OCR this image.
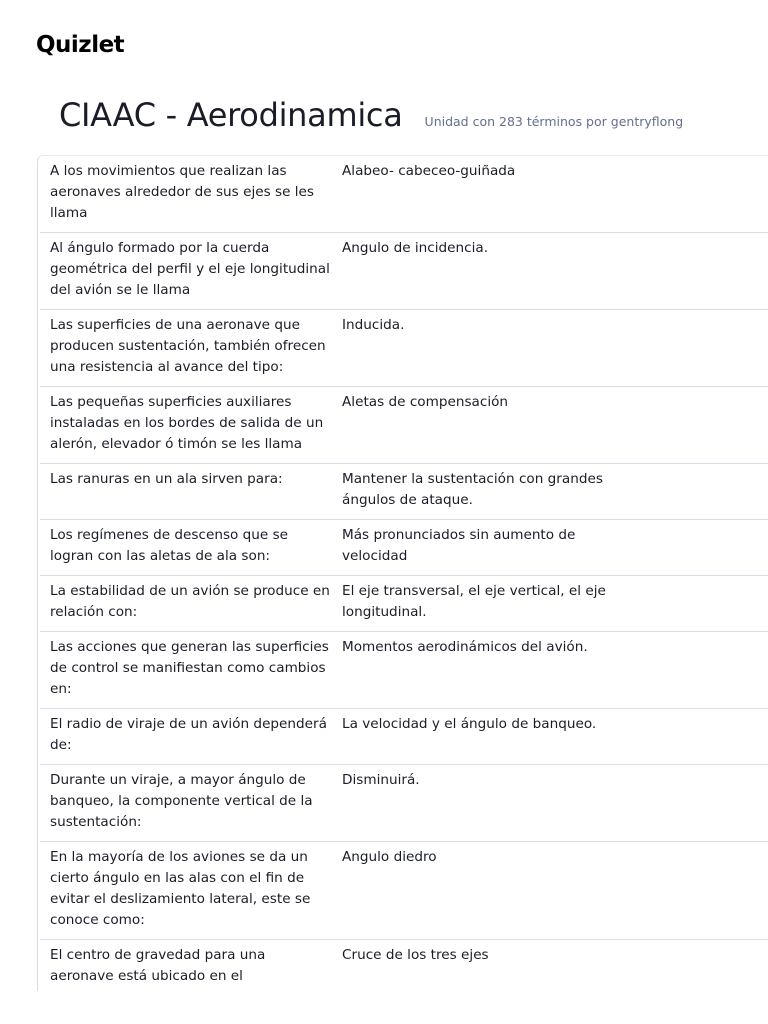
Quizlet
CIAAC - Aerodinamica Unidad con 283 términos por gentryflong
A los movimientos que realizan las aeronaves alrededor de sus ejes se les llama
Alabeo- cabeceo-guiñada
Al ángulo formado por la cuerda geométrica del perfil y el eje longitudinal del avión se le llama
Angulo de incidencia.
Las superficies de una aeronave que producen sustentación, también ofrecen una resistencia al avance del tipo:
Inducida.
Las pequeñas superficies auxiliares instaladas en los bordes de salida de un alerón, elevador ó timón se les llama
Aletas de compensación
Las ranuras en un ala sirven para:	Mantener la sustentación con grandes ángulos de ataque.
Los regímenes de descenso que se logran con las aletas de ala son:
Más pronunciados sin aumento de velocidad
La estabilidad de un avión se produce en relación con:
El eje transversal, el eje vertical, el eje longitudinal.
Las acciones que generan las superficies de control se manifiestan como cambios en:
Momentos aerodinámicos del avión.
El radio de viraje de un avión dependerá de:
La velocidad y el ángulo de banqueo.
Durante un viraje, a mayor ángulo de banqueo, la componente vertical de la sustentación:
Disminuirá.
En la mayoría de los aviones se da un cierto ángulo en las alas con el fin de evitar el deslizamiento lateral, este se conoce como:
Angulo diedro
El centro de gravedad para una aeronave está ubicado en el
Cruce de los tres ejes
